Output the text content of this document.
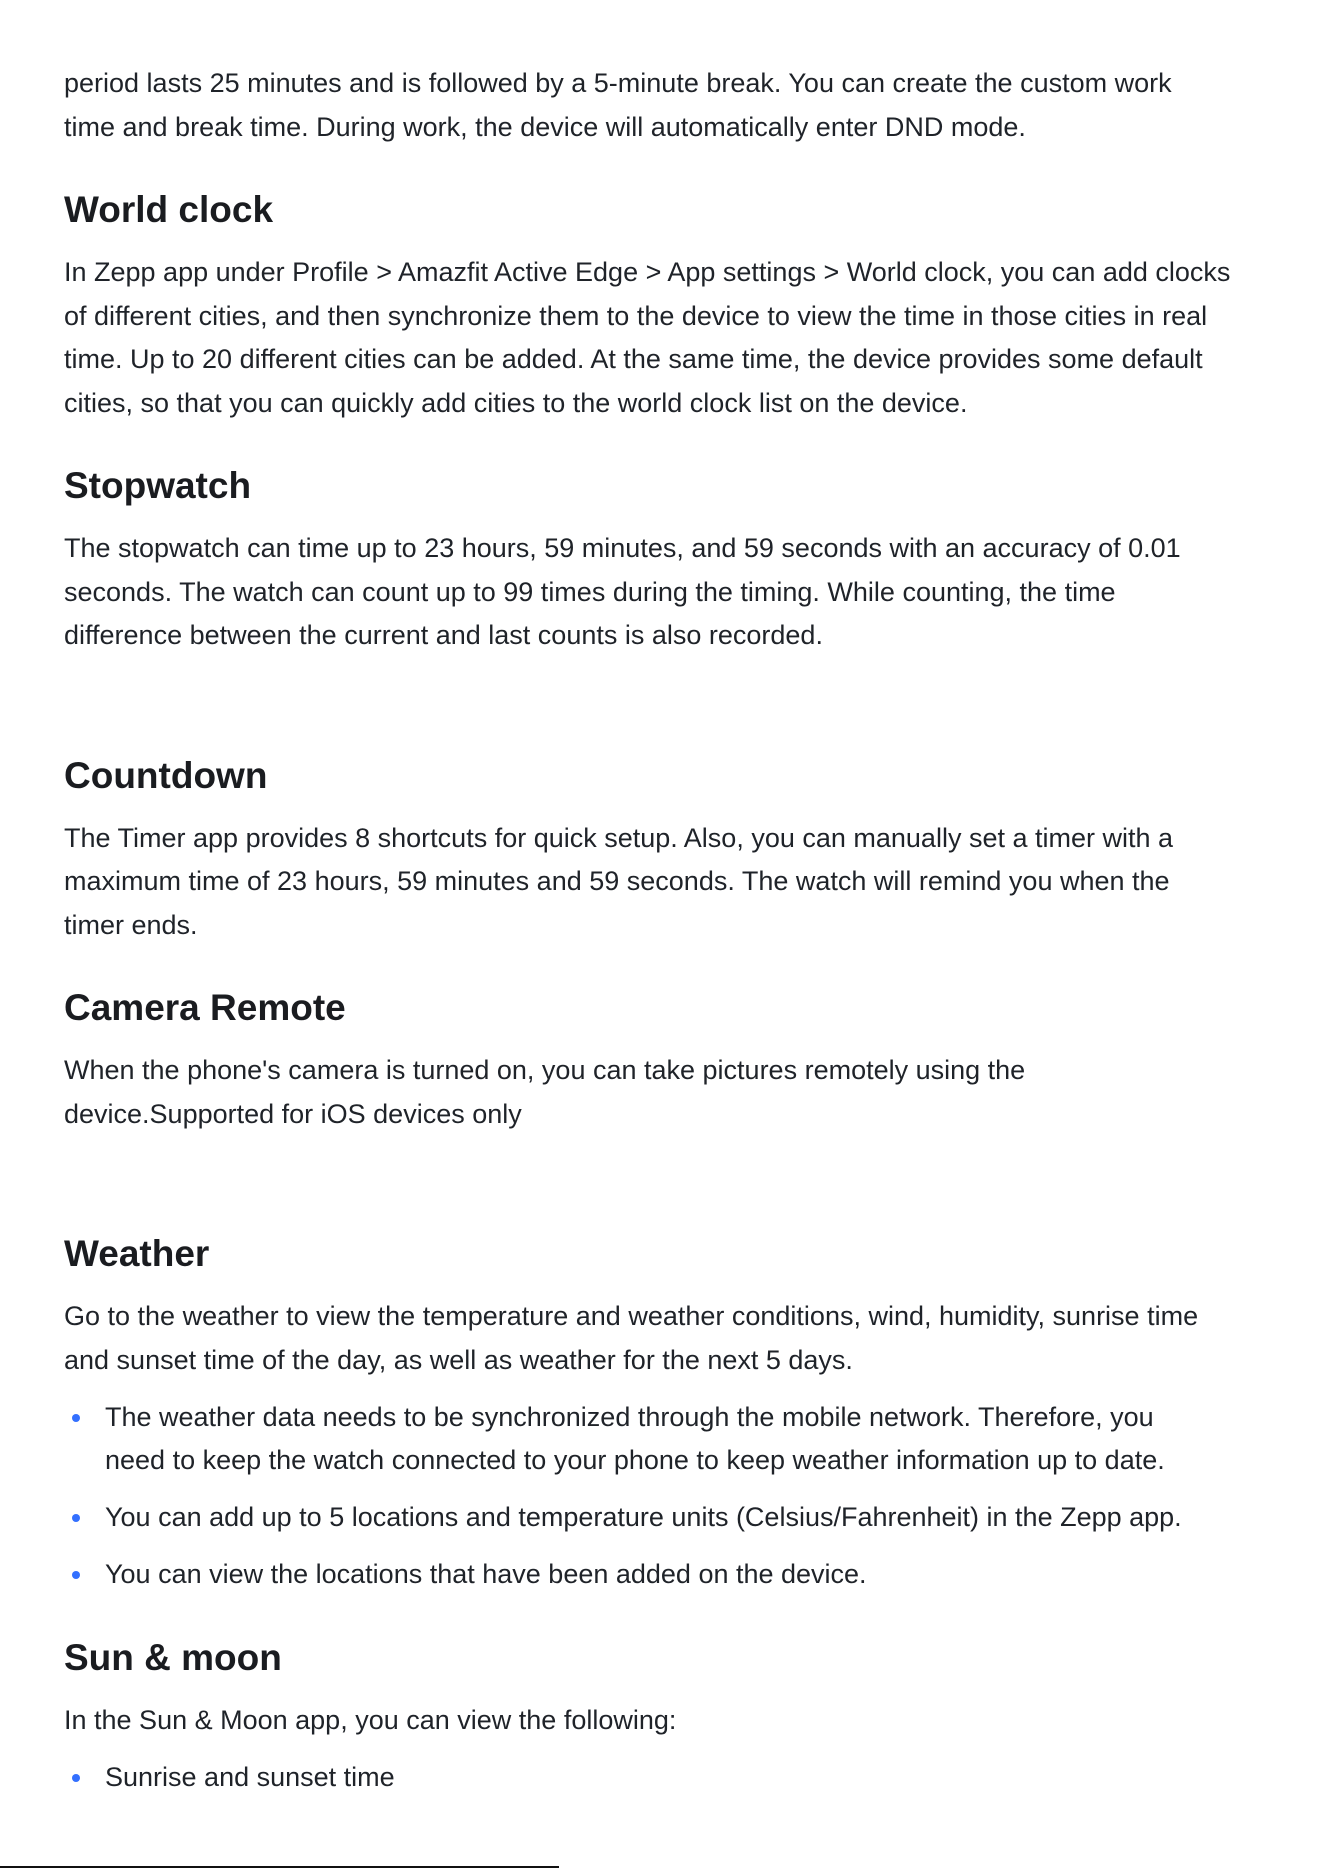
period lasts 25 minutes and is followed by a 5-minute break. You can create the custom work
time and break time. During work, the device will automatically enter DND mode.

World clock

In Zepp app under Profile > Amazfit Active Edge > App settings > World clock, you can add clocks
of different cities, and then synchronize them to the device to view the time in those cities in real
time. Up to 20 different cities can be added. At the same time, the device provides some default
cities, so that you can quickly add cities to the world clock list on the device.

Stopwatch

The stopwatch can time up to 23 hours, 59 minutes, and 59 seconds with an accuracy of 0.01
seconds. The watch can count up to 99 times during the timing. While counting, the time
difference between the current and last counts is also recorded.

Countdown

The Timer app provides 8 shortcuts for quick setup. Also, you can manually set a timer with a
maximum time of 23 hours, 59 minutes and 59 seconds. The watch will remind you when the
timer ends.

Camera Remote

When the phone's camera is turned on, you can take pictures remotely using the
device.Supported for iOS devices only

Weather

Go to the weather to view the temperature and weather conditions, wind, humidity, sunrise time
and sunset time of the day, as well as weather for the next 5 days.

The weather data needs to be synchronized through the mobile network. Therefore, you
need to keep the watch connected to your phone to keep weather information up to date.
You can add up to 5 locations and temperature units (Celsius/Fahrenheit) in the Zepp app.
You can view the locations that have been added on the device.
Sun & moon

In the Sun & Moon app, you can view the following:

Sunrise and sunset time
